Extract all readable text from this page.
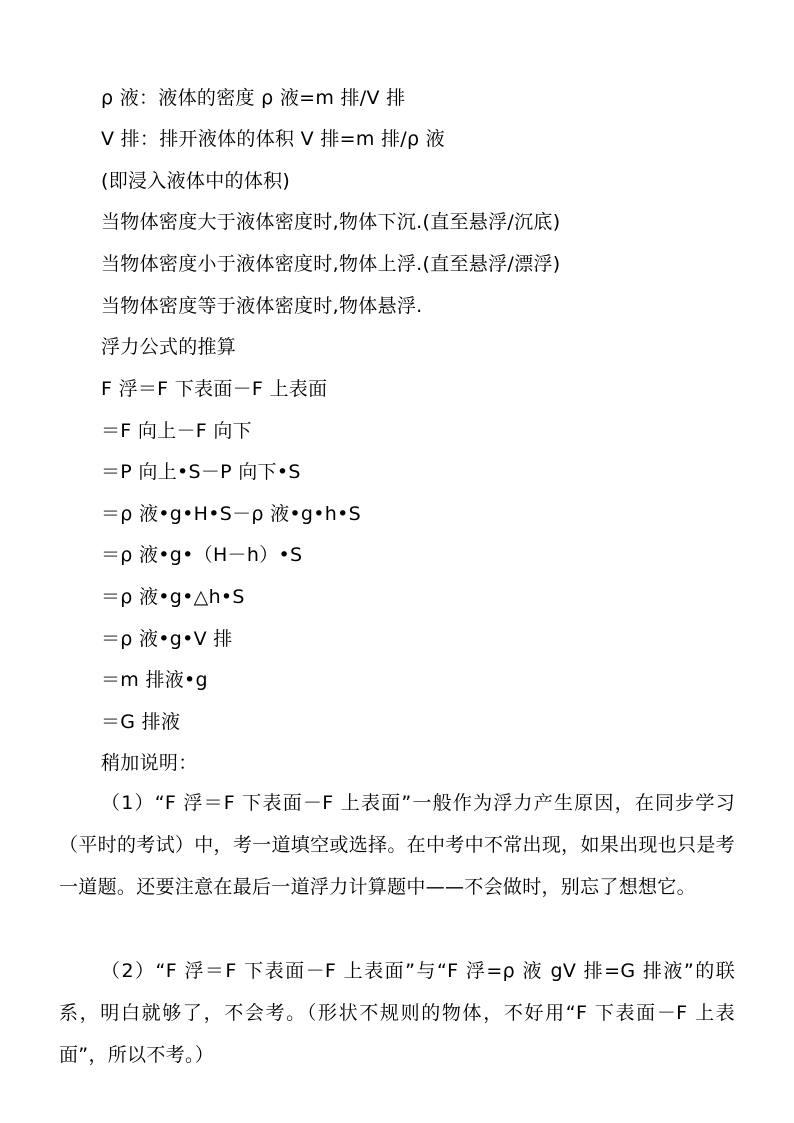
ρ 液：液体的密度 ρ 液=m 排/V 排
V 排：排开液体的体积 V 排=m 排/ρ 液
(即浸入液体中的体积)
当物体密度大于液体密度时,物体下沉.(直至悬浮/沉底)
当物体密度小于液体密度时,物体上浮.(直至悬浮/漂浮)
当物体密度等于液体密度时,物体悬浮.
浮力公式的推算
F 浮＝F 下表面－F 上表面
＝F 向上－F 向下
＝P 向上•S－P 向下•S
＝ρ 液•g•H•S－ρ 液•g•h•S
＝ρ 液•g•（H－h）•S
＝ρ 液•g•△h•S
＝ρ 液•g•V 排
＝m 排液•g
＝G 排液
稍加说明：
（1）“F 浮＝F 下表面－F 上表面”一般作为浮力产生原因，在同步学习（平时的考试）中，考一道填空或选择。在中考中不常出现，如果出现也只是考一道题。还要注意在最后一道浮力计算题中——不会做时，别忘了想想它。
（2）“F 浮＝F 下表面－F 上表面”与“F 浮=ρ 液 gV 排=G 排液”的联系，明白就够了，不会考。（形状不规则的物体，不好用“F 下表面－F 上表面”，所以不考。）
